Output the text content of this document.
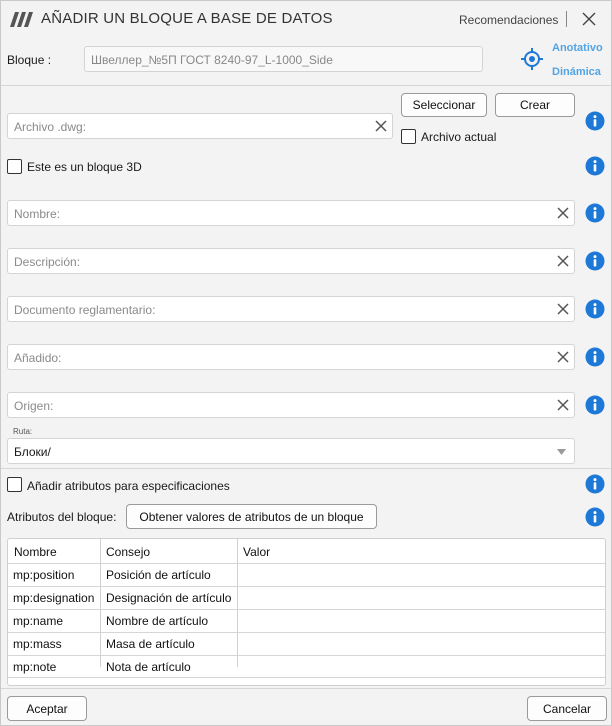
AÑADIR UN BLOQUE A BASE DE DATOS	Recomendaciones
Bloque :	Швеллер_№5П ГОСТ 8240-97_L-1000_Side
Anotativo
Dinámica
Seleccionar	Crear
Archivo .dwg:
Archivo actual
Este es un bloque 3D
Nombre:
Descripción:
Documento reglamentario:
Añadido:
Origen:
Ruta:
Блоки/
Añadir atributos para especificaciones
Atributos del bloque:	Obtener valores de atributos de un bloque
Nombre	Consejo	Valor
mp:position	Posición de artículo
mp:designation Designación de artículo
mp:name	Nombre de artículo
mp:mass	Masa de artículo
mp:note	Nota de artículo
Aceptar	Cancelar
